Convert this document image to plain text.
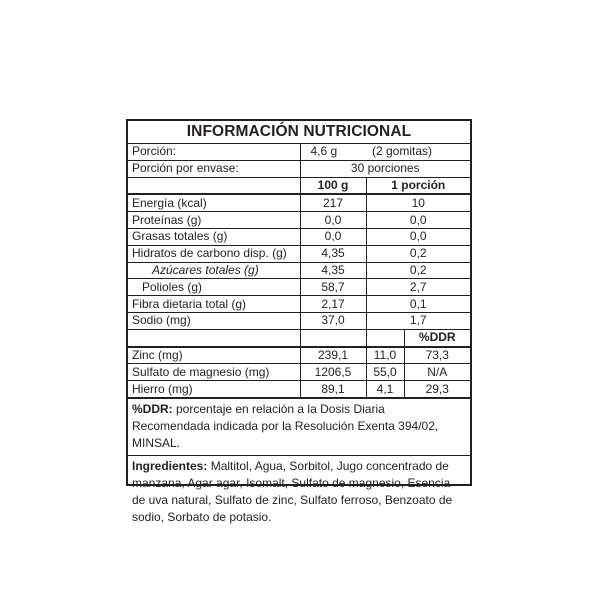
INFORMACIÓN NUTRICIONAL
Porción:	4,6 g	(2 gomitas)	
Porción por envase:	30 porciones		
	100 g	1 porción	
Energía (kcal)	217	10	
Proteínas (g)	0,0	0,0	
Grasas totales (g)	0,0	0,0	
Hidratos de carbono disp. (g)	4,35	0,2	
Azúcares totales (g)	4,35	0,2	
Polioles (g)	58,7	2,7	
Fibra dietaria total (g)	2,17	0,1	
Sodio (mg)	37,0	1,7	
			%DDR
Zinc (mg)	239,1	11,0	73,3
Sulfato de magnesio (mg)	1206,5	55,0	N/A
Hierro (mg)	89,1	4,1	29,3
%DDR: porcentaje en relación a la Dosis Diaria Recomendada indicada por la Resolución Exenta 394/02, MINSAL.
Ingredientes: Maltitol, Agua, Sorbitol, Jugo concentrado de manzana, Agar agar, Isomalt, Sulfato de magnesio, Esencia de uva natural, Sulfato de zinc, Sulfato ferroso, Benzoato de sodio, Sorbato de potasio.
